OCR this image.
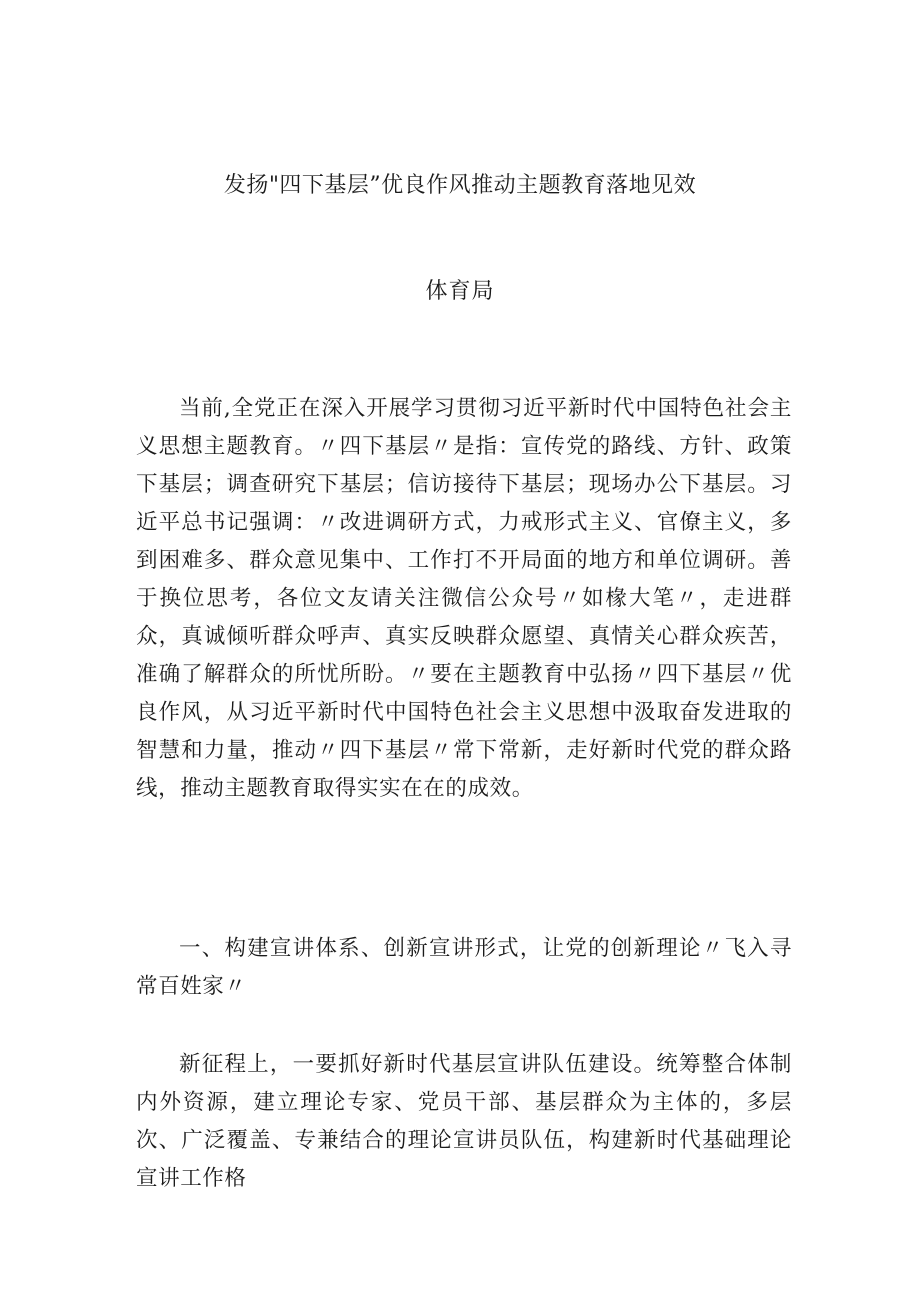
发扬"四下基层”优良作风推动主题教育落地见效
体育局

当前,全党正在深入开展学习贯彻习近平新时代中国特色社会主义思想主题教育。〃四下基层〃是指：宣传党的路线、方针、政策下基层；调查研究下基层；信访接待下基层；现场办公下基层。习近平总书记强调：〃改进调研方式，力戒形式主义、官僚主义，多到困难多、群众意见集中、工作打不开局面的地方和单位调研。善于换位思考，各位文友请关注微信公众号〃如椽大笔〃，走进群众，真诚倾听群众呼声、真实反映群众愿望、真情关心群众疾苦，准确了解群众的所忧所盼。〃要在主题教育中弘扬〃四下基层〃优良作风，从习近平新时代中国特色社会主义思想中汲取奋发进取的智慧和力量，推动〃四下基层〃常下常新，走好新时代党的群众路线，推动主题教育取得实实在在的成效。

一、构建宣讲体系、创新宣讲形式，让党的创新理论〃飞入寻常百姓家〃

新征程上，一要抓好新时代基层宣讲队伍建设。统筹整合体制内外资源，建立理论专家、党员干部、基层群众为主体的，多层次、广泛覆盖、专兼结合的理论宣讲员队伍，构建新时代基础理论宣讲工作格
